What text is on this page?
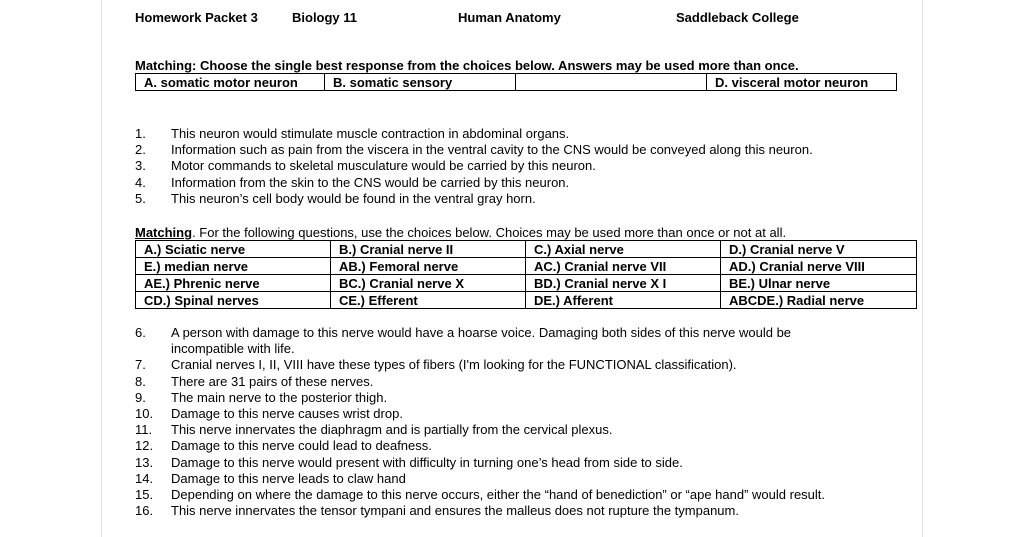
Homework Packet 3	Biology 11	Human Anatomy	Saddleback College
Matching: Choose the single best response from the choices below. Answers may be used more than once.
A. somatic motor neuron	B. somatic sensory		D. visceral motor neuron
1.	This neuron would stimulate muscle contraction in abdominal organs.
2.	Information such as pain from the viscera in the ventral cavity to the CNS would be conveyed along this neuron.
3.	Motor commands to skeletal musculature would be carried by this neuron.
4.	Information from the skin to the CNS would be carried by this neuron.
5.	This neuron’s cell body would be found in the ventral gray horn.
Matching. For the following questions, use the choices below. Choices may be used more than once or not at all.
A.) Sciatic nerve	B.) Cranial nerve II	C.) Axial nerve	D.) Cranial nerve V
E.) median nerve	AB.) Femoral nerve	AC.) Cranial nerve VII	AD.) Cranial nerve VIII
AE.) Phrenic nerve	BC.) Cranial nerve X	BD.) Cranial nerve X I	BE.) Ulnar nerve
CD.) Spinal nerves	CE.) Efferent	DE.) Afferent	ABCDE.) Radial nerve
6.	A person with damage to this nerve would have a hoarse voice. Damaging both sides of this nerve would be
incompatible with life.
7.	Cranial nerves I, II, VIII have these types of fibers (I'm looking for the FUNCTIONAL classification).
8.	There are 31 pairs of these nerves.
9.	The main nerve to the posterior thigh.
10.	Damage to this nerve causes wrist drop.
11.	This nerve innervates the diaphragm and is partially from the cervical plexus.
12.	Damage to this nerve could lead to deafness.
13.	Damage to this nerve would present with difficulty in turning one’s head from side to side.
14.	Damage to this nerve leads to claw hand
15.	Depending on where the damage to this nerve occurs, either the “hand of benediction” or “ape hand” would result.
16.	This nerve innervates the tensor tympani and ensures the malleus does not rupture the tympanum.
